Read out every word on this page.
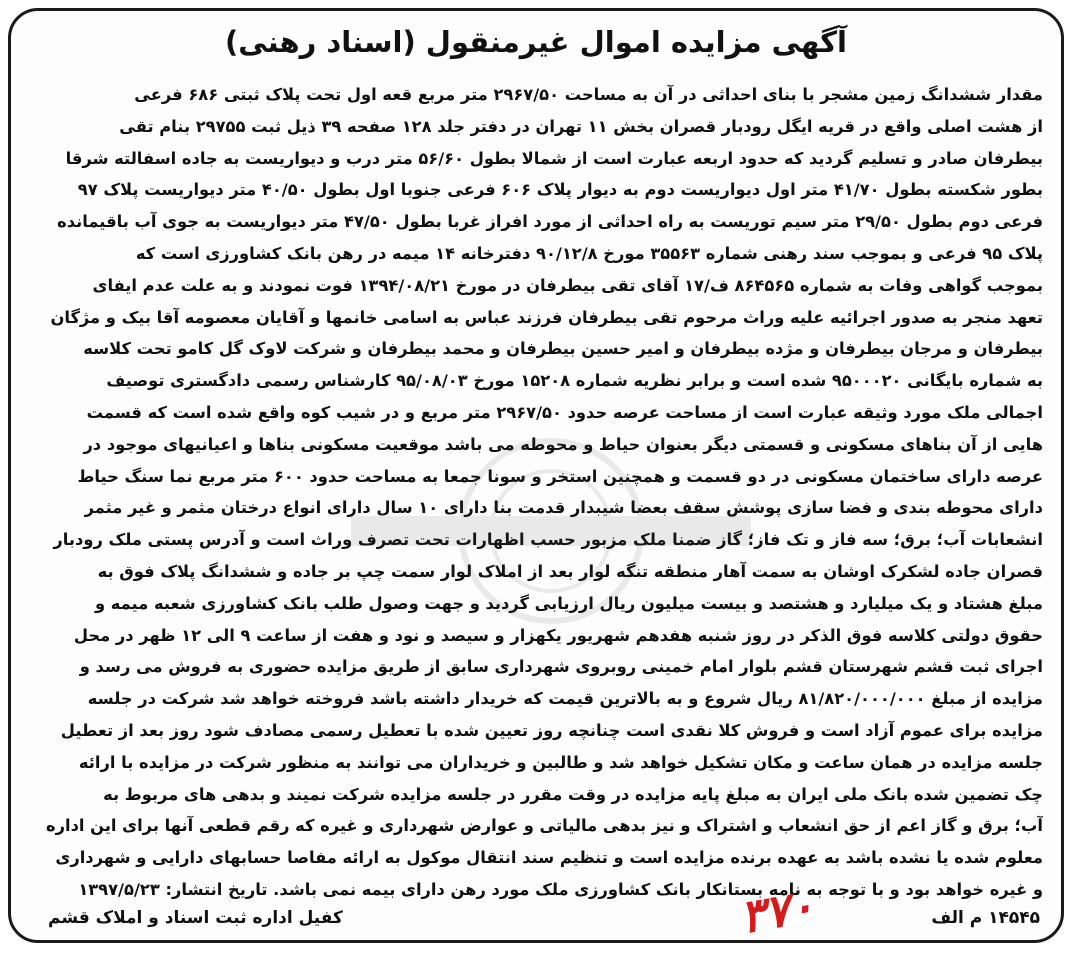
آگهی مزایده اموال غیرمنقول (اسناد رهنی)
مقدار ششدانگ زمین مشجر با بنای احداثی در آن به مساحت ۲۹۶۷/۵۰ متر مربع قعه اول تحت پلاک ثبتی ۶۸۶ فرعی
از هشت اصلی واقع در قریه ایگل رودبار قصران بخش ۱۱ تهران در دفتر جلد ۱۲۸ صفحه ۳۹ ذیل ثبت ۲۹۷۵۵ بنام تقی
بیطرفان صادر و تسلیم گردید که حدود اربعه عبارت است از شمالا بطول ۵۶/۶۰ متر درب و دیواریست به جاده اسفالته شرقا
بطور شکسته بطول ۴۱/۷۰ متر اول دیواریست دوم به دیوار پلاک ۶۰۶ فرعی جنوبا اول بطول ۴۰/۵۰ متر دیواریست پلاک ۹۷
فرعی دوم بطول ۲۹/۵۰ متر سیم توریست به راه احداثی از مورد افراز غربا بطول ۴۷/۵۰ متر دیواریست به جوی آب باقیمانده
پلاک ۹۵ فرعی و بموجب سند رهنی شماره ۳۵۵۶۳ مورخ ۹۰/۱۲/۸ دفترخانه ۱۴ میمه در رهن بانک کشاورزی است که
بموجب گواهی وفات به شماره ۸۶۴۵۶۵ ف/۱۷ آقای تقی بیطرفان در مورخ ۱۳۹۴/۰۸/۲۱ فوت نمودند و به علت عدم ایفای
تعهد منجر به صدور اجرائیه علیه وراث مرحوم تقی بیطرفان فرزند عباس به اسامی خانمها و آقایان معصومه آقا بیک و مژگان
بیطرفان و مرجان بیطرفان و مژده بیطرفان و امیر حسین بیطرفان و محمد بیطرفان و شرکت لاوک گل کامو تحت کلاسه
به شماره بایگانی ۹۵۰۰۰۲۰ شده است و برابر نظریه شماره ۱۵۲۰۸ مورخ ۹۵/۰۸/۰۳ کارشناس رسمی دادگستری توصیف
اجمالی ملک مورد وثیقه عبارت است از مساحت عرصه حدود ۲۹۶۷/۵۰ متر مربع و در شیب کوه واقع شده است که قسمت
هایی از آن بناهای مسکونی و قسمتی دیگر بعنوان حیاط و محوطه می باشد موقعیت مسکونی بناها و اعیانیهای موجود در
عرصه دارای ساختمان مسکونی در دو قسمت و همچنین استخر و سونا جمعا به مساحت حدود ۶۰۰ متر مربع نما سنگ حیاط
دارای محوطه بندی و فضا سازی پوشش سقف بعضا شیبدار قدمت بنا دارای ۱۰ سال دارای انواع درختان مثمر و غیر مثمر
انشعابات آب؛ برق؛ سه فاز و تک فاز؛ گاز ضمنا ملک مزبور حسب اظهارات تحت تصرف وراث است و آدرس پستی ملک رودبار
قصران جاده لشکرک اوشان به سمت آهار منطقه تنگه لوار بعد از املاک لوار سمت چپ بر جاده و ششدانگ پلاک فوق به
مبلغ هشتاد و یک میلیارد و هشتصد و بیست میلیون ریال ارزیابی گردید و جهت وصول طلب بانک کشاورزی شعبه میمه و
حقوق دولتی کلاسه فوق الذکر در روز شنبه هفدهم شهریور یکهزار و سیصد و نود و هفت از ساعت ۹ الی ۱۲ ظهر در محل
اجرای ثبت قشم شهرستان قشم بلوار امام خمینی روبروی شهرداری سابق از طریق مزایده حضوری به فروش می رسد و
مزایده از مبلغ ۸۱/۸۲۰/۰۰۰/۰۰۰ ریال شروع و به بالاترین قیمت که خریدار داشته باشد فروخته خواهد شد شرکت در جلسه
مزایده برای عموم آزاد است و فروش کلا نقدی است چنانچه روز تعیین شده با تعطیل رسمی مصادف شود روز بعد از تعطیل
جلسه مزایده در همان ساعت و مکان تشکیل خواهد شد و طالبین و خریداران می توانند به منظور شرکت در مزایده با ارائه
چک تضمین شده بانک ملی ایران به مبلغ پایه مزایده در وقت مقرر در جلسه مزایده شرکت نمیند و بدهی های مربوط به
آب؛ برق و گاز اعم از حق انشعاب و اشتراک و نیز بدهی مالیاتی و عوارض شهرداری و غیره که رقم قطعی آنها برای این اداره
معلوم شده یا نشده باشد به عهده برنده مزایده است و تنظیم سند انتقال موکول به ارائه مفاصا حسابهای دارایی و شهرداری
و غیره خواهد بود و با توجه به نامه بستانکار بانک کشاورزی ملک مورد رهن دارای بیمه نمی باشد. تاریخ انتشار: ۱۳۹۷/۵/۲۳
۳۷۰
کفیل اداره ثبت اسناد و املاک قشم	۱۴۵۴۵ م الف
